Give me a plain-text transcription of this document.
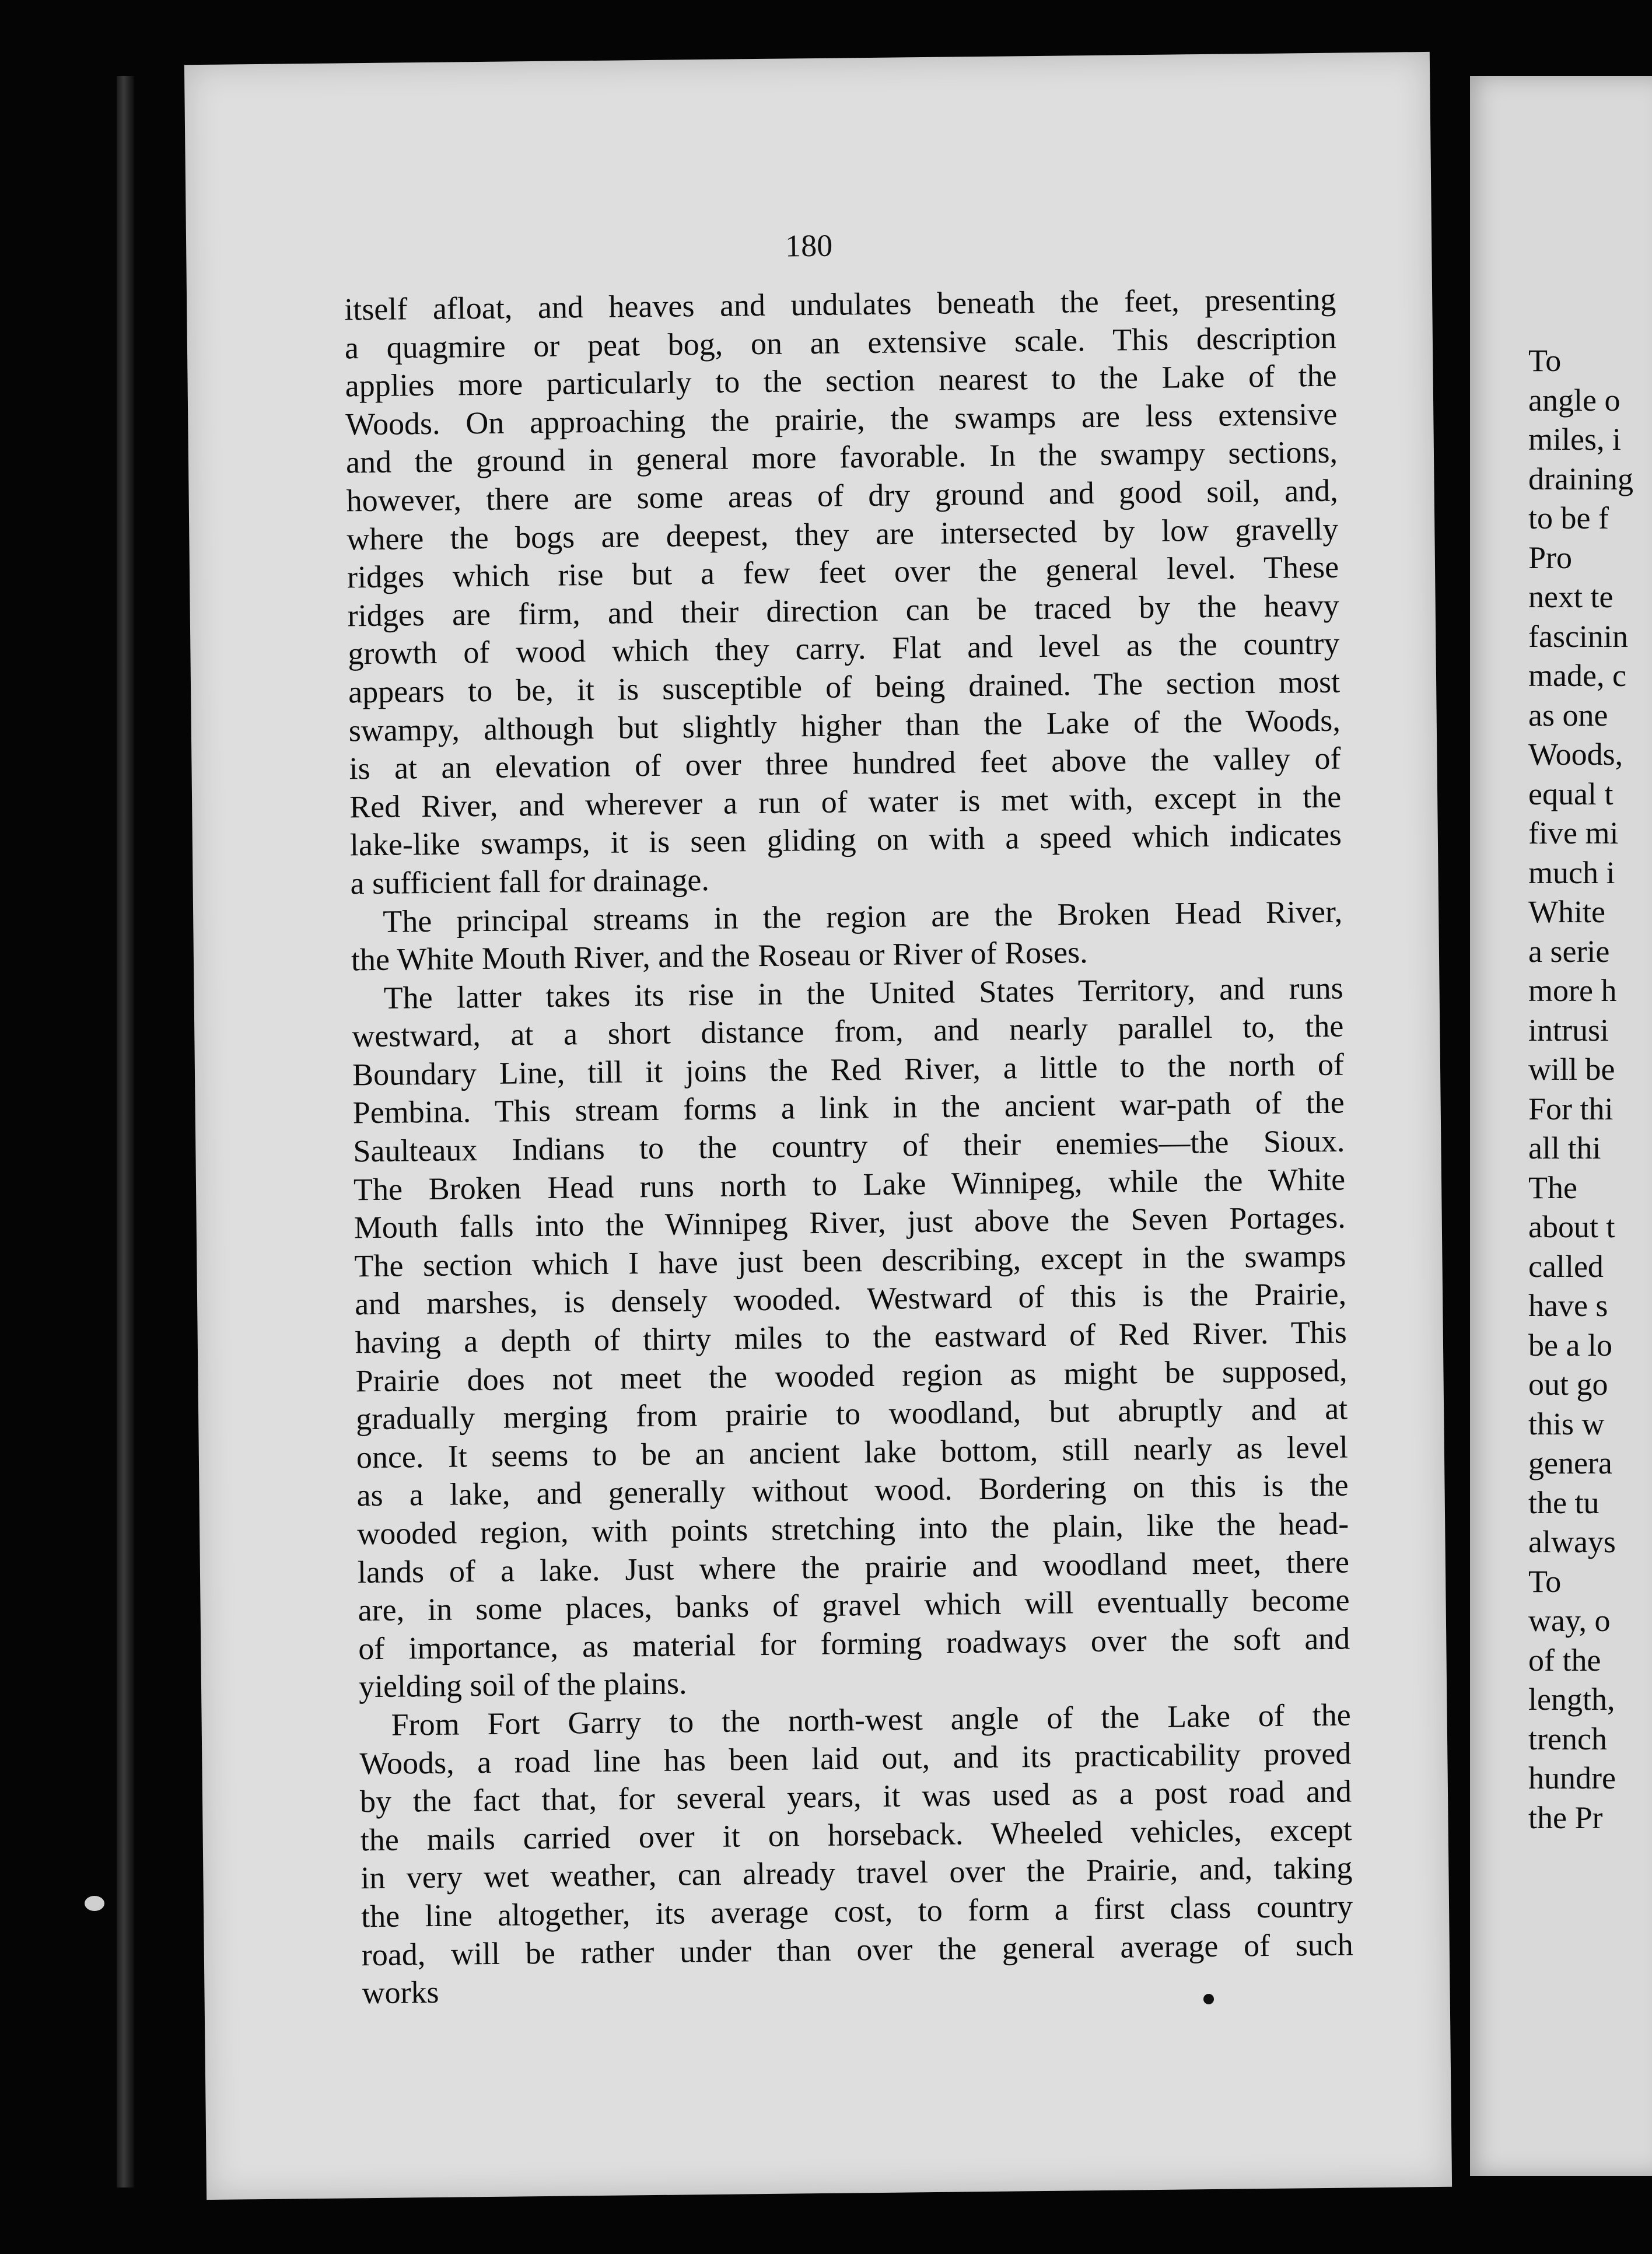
180
itself afloat, and heaves and undulates beneath the feet, presenting
a quagmire or peat bog, on an extensive scale. This description
applies more particularly to the section nearest to the Lake of the
Woods. On approaching the prairie, the swamps are less extensive
and the ground in general more favorable. In the swampy sections,
however, there are some areas of dry ground and good soil, and,
where the bogs are deepest, they are intersected by low gravelly
ridges which rise but a few feet over the general level. These
ridges are firm, and their direction can be traced by the heavy
growth of wood which they carry. Flat and level as the country
appears to be, it is susceptible of being drained. The section most
swampy, although but slightly higher than the Lake of the Woods,
is at an elevation of over three hundred feet above the valley of
Red River, and wherever a run of water is met with, except in the
lake-like swamps, it is seen gliding on with a speed which indicates
a sufficient fall for drainage.
The principal streams in the region are the Broken Head River,
the White Mouth River, and the Roseau or River of Roses.
The latter takes its rise in the United States Territory, and runs
westward, at a short distance from, and nearly parallel to, the
Boundary Line, till it joins the Red River, a little to the north of
Pembina. This stream forms a link in the ancient war-path of the
Saulteaux Indians to the country of their enemies—the Sioux.
The Broken Head runs north to Lake Winnipeg, while the White
Mouth falls into the Winnipeg River, just above the Seven Portages.
The section which I have just been describing, except in the swamps
and marshes, is densely wooded. Westward of this is the Prairie,
having a depth of thirty miles to the eastward of Red River. This
Prairie does not meet the wooded region as might be supposed,
gradually merging from prairie to woodland, but abruptly and at
once. It seems to be an ancient lake bottom, still nearly as level
as a lake, and generally without wood. Bordering on this is the
wooded region, with points stretching into the plain, like the head-
lands of a lake. Just where the prairie and woodland meet, there
are, in some places, banks of gravel which will eventually become
of importance, as material for forming roadways over the soft and
yielding soil of the plains.
From Fort Garry to the north-west angle of the Lake of the
Woods, a road line has been laid out, and its practicability proved
by the fact that, for several years, it was used as a post road and
the mails carried over it on horseback. Wheeled vehicles, except
in very wet weather, can already travel over the Prairie, and, taking
the line altogether, its average cost, to form a first class country
road, will be rather under than over the general average of such
works
To
angle o
miles, i
draining
to be f
Pro
next te
fascinin
made, c
as one
Woods,
equal t
five mi
much i
White
a serie
more h
intrusi
will be
For thi
all thi
The
about t
called
have s
be a lo
out go
this w
genera
the tu
always
To
way, o
of the
length,
trench
hundre
the Pr
